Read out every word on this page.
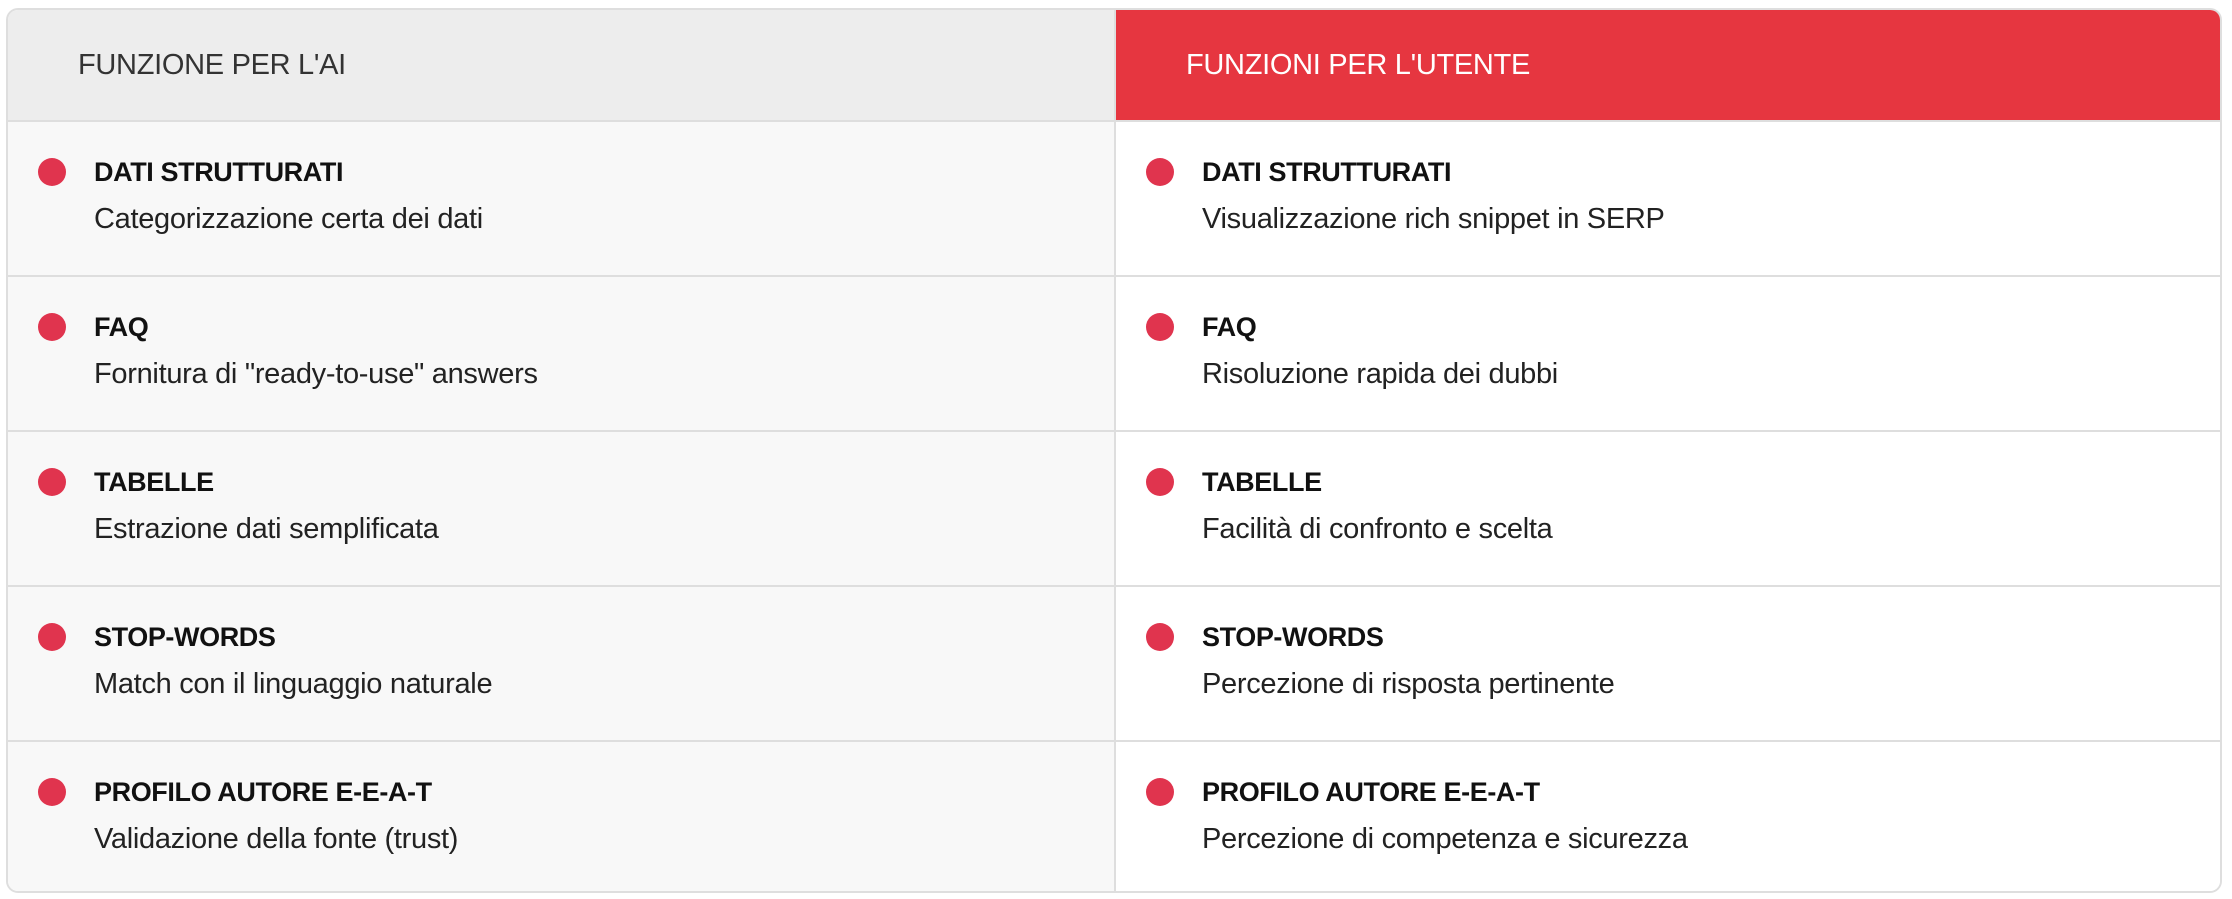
FUNZIONE PER L'AI	FUNZIONI PER L'UTENTE
DATI STRUTTURATI
Categorizzazione certa dei dati
DATI STRUTTURATI
Visualizzazione rich snippet in SERP
FAQ
Fornitura di "ready-to-use" answers
FAQ
Risoluzione rapida dei dubbi
TABELLE
Estrazione dati semplificata
TABELLE
Facilità di confronto e scelta
STOP-WORDS
Match con il linguaggio naturale
STOP-WORDS
Percezione di risposta pertinente
PROFILO AUTORE E-E-A-T
Validazione della fonte (trust)
PROFILO AUTORE E-E-A-T
Percezione di competenza e sicurezza
